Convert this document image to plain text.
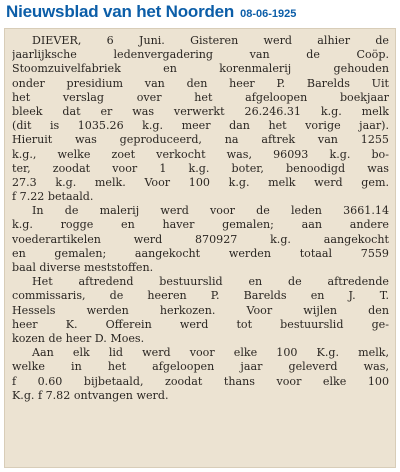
Nieuwsblad van het Noorden 08-06-1925
DIEVER, 6 Juni. Gisteren werd alhier de
jaarlijksche ledenvergadering van de Coöp.
Stoomzuivelfabriek en korenmalerij gehouden
onder presidium van den heer P. Barelds Uit
het verslag over het afgeloopen boekjaar
bleek dat er was verwerkt 26.246.31 k.g. melk
(dit is 1035.26 k.g. meer dan het vorige jaar).
Hieruit was geproduceerd, na aftrek van 1255
k.g., welke zoet verkocht was, 96093 k.g. bo-
ter, zoodat voor 1 k.g. boter, benoodigd was
27.3 k.g. melk. Voor 100 k.g. melk werd gem.
f 7.22 betaald.
In de malerij werd voor de leden 3661.14
k.g. rogge en haver gemalen; aan andere
voederartikelen werd 870927 k.g. aangekocht
en gemalen; aangekocht werden totaal 7559
baal diverse meststoffen.
Het aftredend bestuurslid en de aftredende
commissaris, de heeren P. Barelds en J. T.
Hessels werden herkozen. Voor wijlen den
heer K. Offerein werd tot bestuurslid ge-
kozen de heer D. Moes.
Aan elk lid werd voor elke 100 K.g. melk,
welke in het afgeloopen jaar geleverd was,
f 0.60 bijbetaald, zoodat thans voor elke 100
K.g. f 7.82 ontvangen werd.
